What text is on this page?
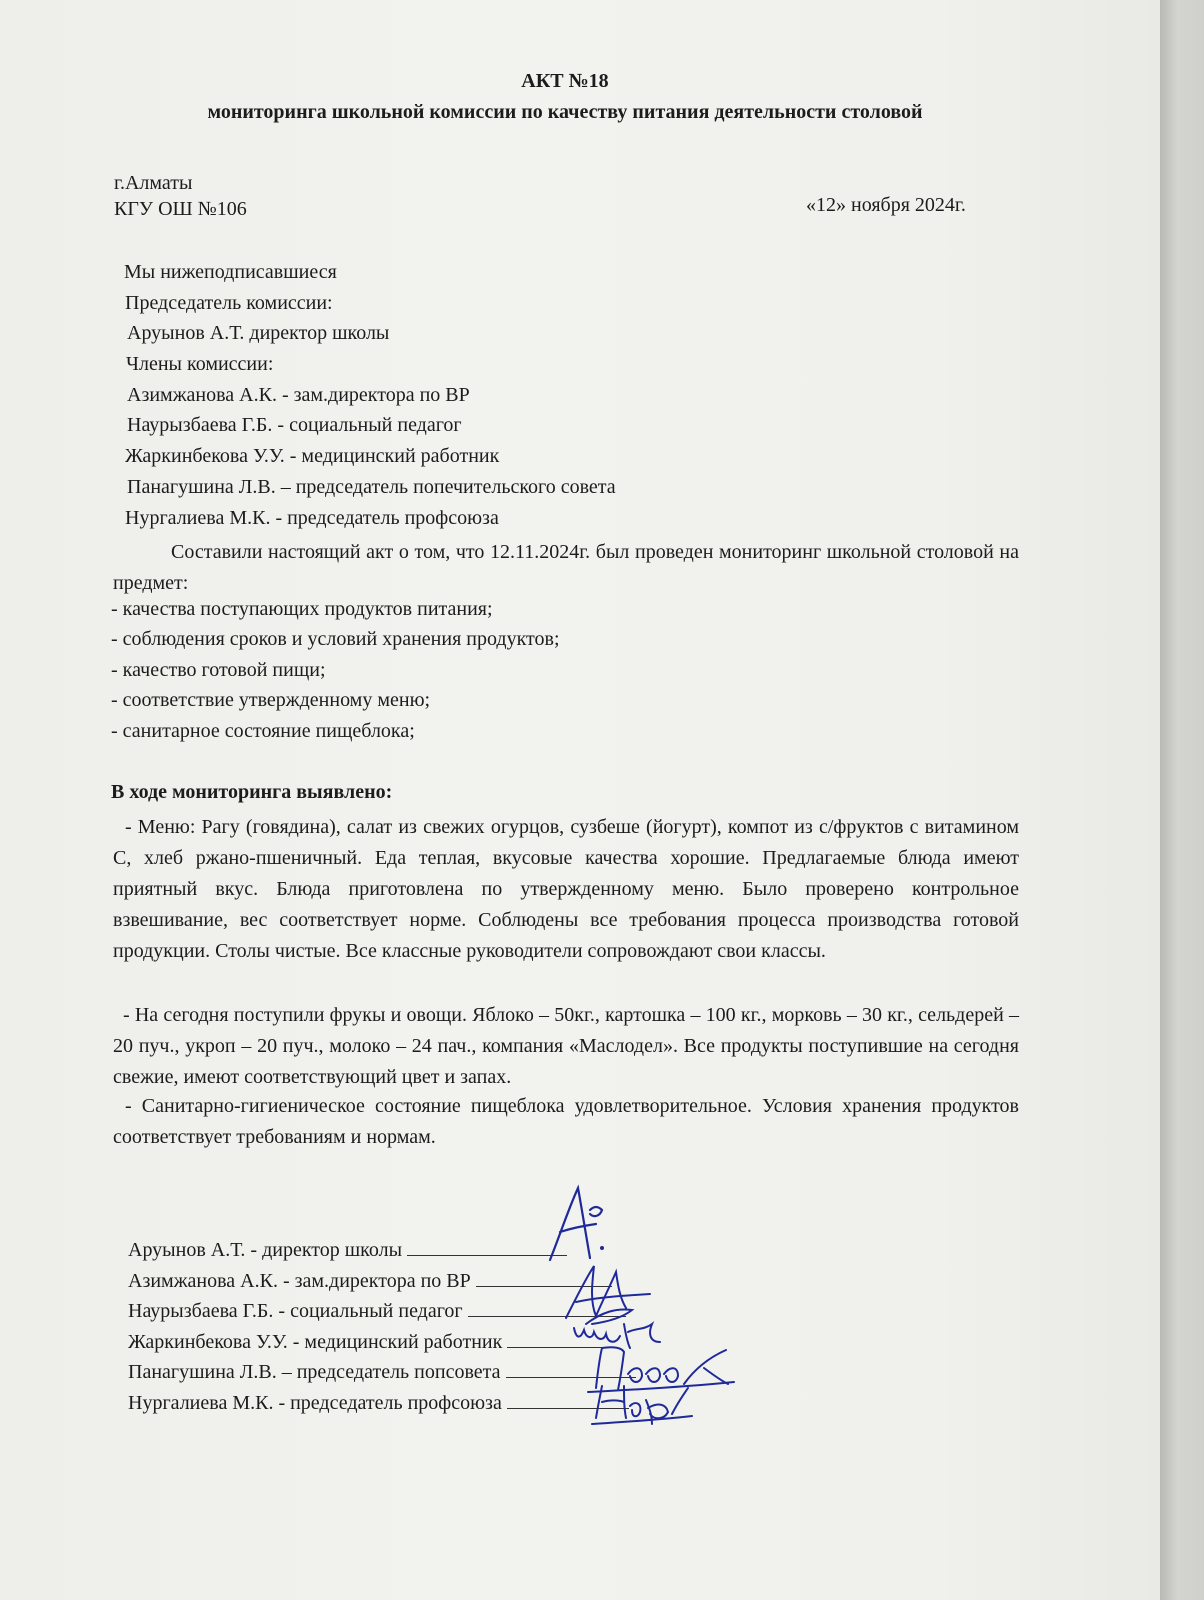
АКТ №18
мониторинга школьной комиссии по качеству питания деятельности столовой
г.Алматы
КГУ ОШ №106	«12» ноября 2024г.
Мы нижеподписавшиеся
Председатель комиссии:
Аруынов А.Т. директор школы
Члены комиссии:
Азимжанова А.К. - зам.директора по ВР
Наурызбаева Г.Б. - социальный педагог
Жаркинбекова У.У. - медицинский работник
Панагушина Л.В. – председатель попечительского совета
Нургалиева М.К. - председатель профсоюза
Составили настоящий акт о том, что 12.11.2024г. был проведен мониторинг школьной столовой на предмет:
- качества поступающих продуктов питания;
- соблюдения сроков и условий хранения продуктов;
- качество готовой пищи;
- соответствие утвержденному меню;
- санитарное состояние пищеблока;
В ходе мониторинга выявлено:
- Меню: Рагу (говядина), салат из свежих огурцов, сузбеше (йогурт), компот из с/фруктов с витамином С, хлеб ржано-пшеничный. Еда теплая, вкусовые качества хорошие. Предлагаемые блюда имеют приятный вкус. Блюда приготовлена по утвержденному меню. Было проверено контрольное взвешивание, вес соответствует норме. Соблюдены все требования процесса производства готовой продукции. Столы чистые. Все классные руководители сопровождают свои классы.
- На сегодня поступили фрукы и овощи. Яблоко – 50кг., картошка – 100 кг., морковь – 30 кг., сельдерей – 20 пуч., укроп – 20 пуч., молоко – 24 пач., компания «Маслодел». Все продукты поступившие на сегодня свежие, имеют соответствующий цвет и запах.
- Санитарно-гигиеническое состояние пищеблока удовлетворительное. Условия хранения продуктов соответствует требованиям и нормам.
Аруынов А.Т. - директор школы
Азимжанова А.К. - зам.директора по ВР
Наурызбаева Г.Б. - социальный педагог
Жаркинбекова У.У. - медицинский работник
Панагушина Л.В. – председатель попсовета
Нургалиева М.К. - председатель профсоюза
